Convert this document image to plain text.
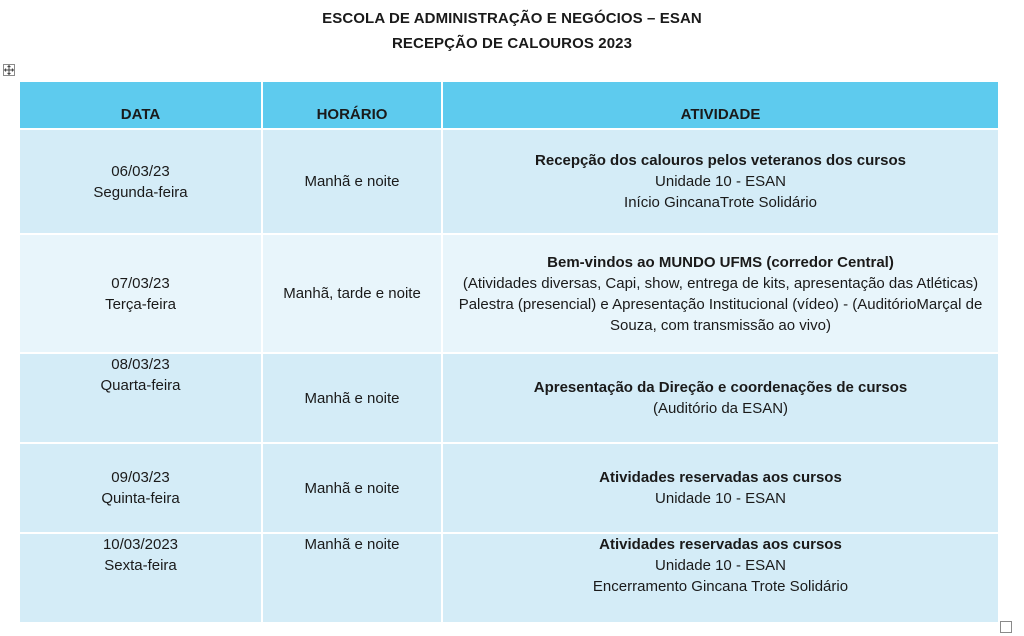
ESCOLA DE ADMINISTRAÇÃO E NEGÓCIOS – ESAN
RECEPÇÃO DE CALOUROS 2023
DATA	HORÁRIO	ATIVIDADE

06/03/23
Segunda-feira	Manhã e noite	Recepção dos calouros pelos veteranos dos cursos
Unidade 10 - ESAN
Início GincanaTrote Solidário

07/03/23
Terça-feira	Manhã, tarde e noite	Bem-vindos ao MUNDO UFMS (corredor Central)
(Atividades diversas, Capi, show, entrega de kits, apresentação das Atléticas)
Palestra (presencial) e Apresentação Institucional (vídeo) - (AuditórioMarçal de Souza, com transmissão ao vivo)

08/03/23
Quarta-feira	Manhã e noite	Apresentação da Direção e coordenações de cursos
(Auditório da ESAN)

09/03/23
Quinta-feira	Manhã e noite	Atividades reservadas aos cursos
Unidade 10 - ESAN

10/03/2023
Sexta-feira	Manhã e noite	Atividades reservadas aos cursos
Unidade 10 - ESAN
Encerramento Gincana Trote Solidário
